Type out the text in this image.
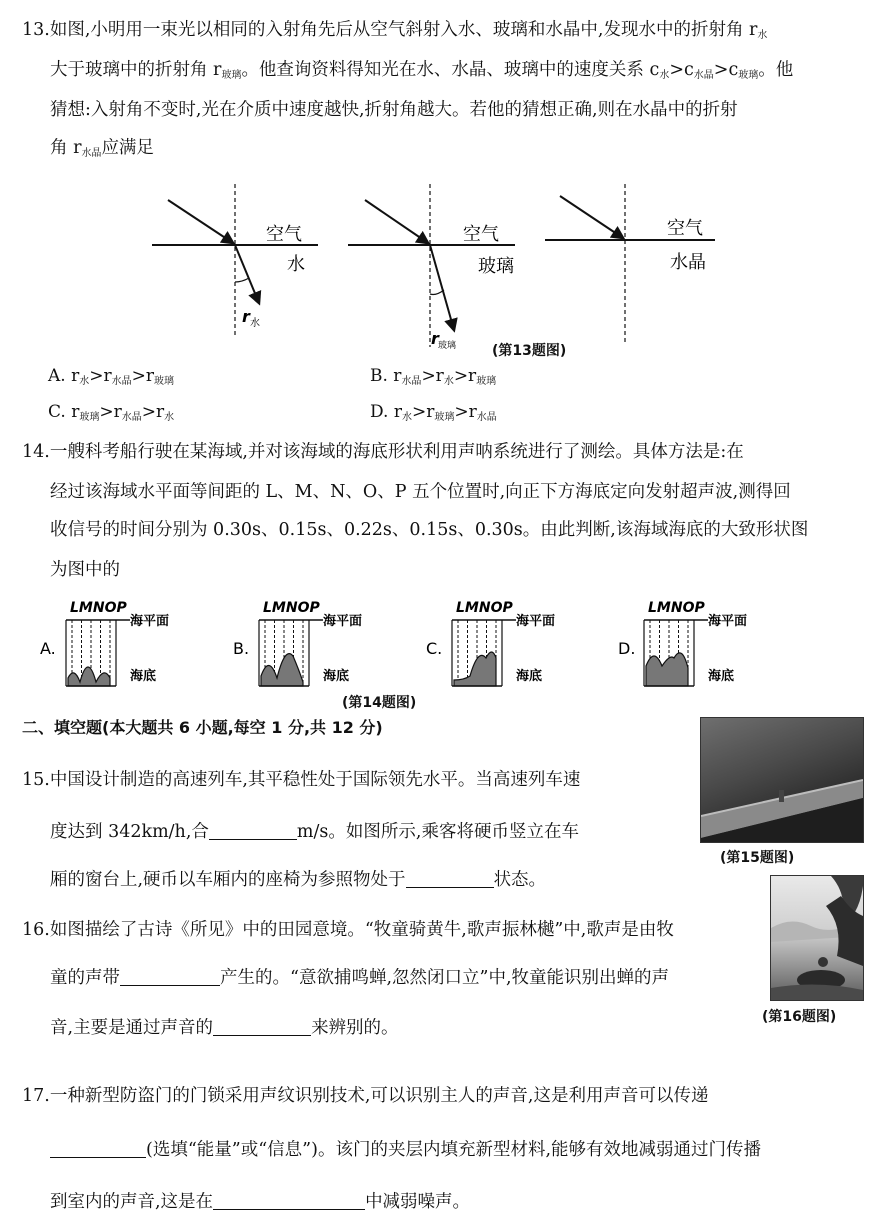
13.如图,小明用一束光以相同的入射角先后从空气斜射入水、玻璃和水晶中,发现水中的折射角 $r_水$
大于玻璃中的折射角 $r_{玻璃}$。他查询资料得知光在水、水晶、玻璃中的速度关系 $c_水>c_{水晶}>c_{玻璃}$。他
猜想:入射角不变时,光在介质中速度越快,折射角越大。若他的猜想正确,则在水晶中的折射
角 $r_{水晶}$应满足
空气
水
r 水
空气
玻璃
r 玻璃
空气
水晶
(第13题图)
A. $r_水>r_{水晶}>r_{玻璃}$	B. $r_{水晶}>r_水>r_{玻璃}$
C. $r_{玻璃}>r_{水晶}>r_水$	D. $r_水>r_{玻璃}>r_{水晶}$
14.一艘科考船行驶在某海域,并对该海域的海底形状利用声呐系统进行了测绘。具体方法是:在
经过该海域水平面等间距的 L、M、N、O、P 五个位置时,向正下方海底定向发射超声波,测得回
收信号的时间分别为 0.30s、0.15s、0.22s、0.15s、0.30s。由此判断,该海域海底的大致形状图
为图中的
A.
LMNOP
海平面
海底
B.
LMNOP
海平面
海底
C.
LMNOP
海平面
海底
D.
LMNOP
海平面
海底
(第14题图)
二、填空题(本大题共 6 小题,每空 1 分,共 12 分)
15.中国设计制造的高速列车,其平稳性处于国际领先水平。当高速列车速
度达到 342km/h,合	m/s。如图所示,乘客将硬币竖立在车
厢的窗台上,硬币以车厢内的座椅为参照物处于	状态。
(第15题图)
16.如图描绘了古诗《所见》中的田园意境。“牧童骑黄牛,歌声振林樾”中,歌声是由牧
童的声带	产生的。“意欲捕鸣蝉,忽然闭口立”中,牧童能识别出蝉的声
音,主要是通过声音的	来辨别的。
(第16题图)
17.一种新型防盗门的门锁采用声纹识别技术,可以识别主人的声音,这是利用声音可以传递
(选填“能量”或“信息”)。该门的夹层内填充新型材料,能够有效地减弱通过门传播
到室内的声音,这是在	中减弱噪声。
